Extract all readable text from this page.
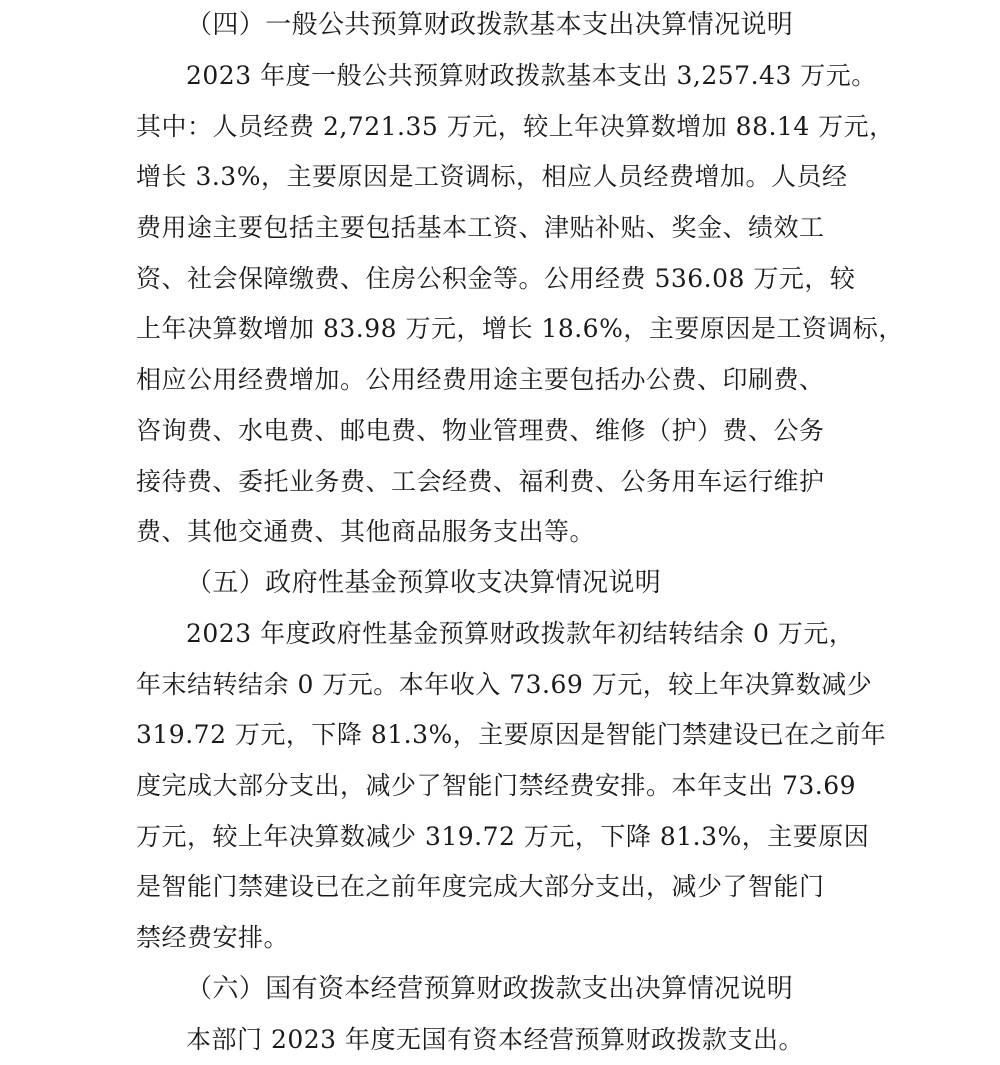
（四）一般公共预算财政拨款基本支出决算情况说明

2023 年度一般公共预算财政拨款基本支出 3,257.43 万元。

其中：人员经费 2,721.35 万元，较上年决算数增加 88.14 万元，

增长 3.3%，主要原因是工资调标，相应人员经费增加。人员经

费用途主要包括主要包括基本工资、津贴补贴、奖金、绩效工

资、社会保障缴费、住房公积金等。公用经费 536.08 万元，较

上年决算数增加 83.98 万元，增长 18.6%，主要原因是工资调标，

相应公用经费增加。公用经费用途主要包括办公费、印刷费、

咨询费、水电费、邮电费、物业管理费、维修（护）费、公务

接待费、委托业务费、工会经费、福利费、公务用车运行维护

费、其他交通费、其他商品服务支出等。

（五）政府性基金预算收支决算情况说明

2023 年度政府性基金预算财政拨款年初结转结余 0 万元，

年末结转结余 0 万元。本年收入 73.69 万元，较上年决算数减少

319.72 万元，下降 81.3%，主要原因是智能门禁建设已在之前年

度完成大部分支出，减少了智能门禁经费安排。本年支出 73.69

万元，较上年决算数减少 319.72 万元，下降 81.3%，主要原因

是智能门禁建设已在之前年度完成大部分支出，减少了智能门

禁经费安排。

（六）国有资本经营预算财政拨款支出决算情况说明

本部门 2023 年度无国有资本经营预算财政拨款支出。
